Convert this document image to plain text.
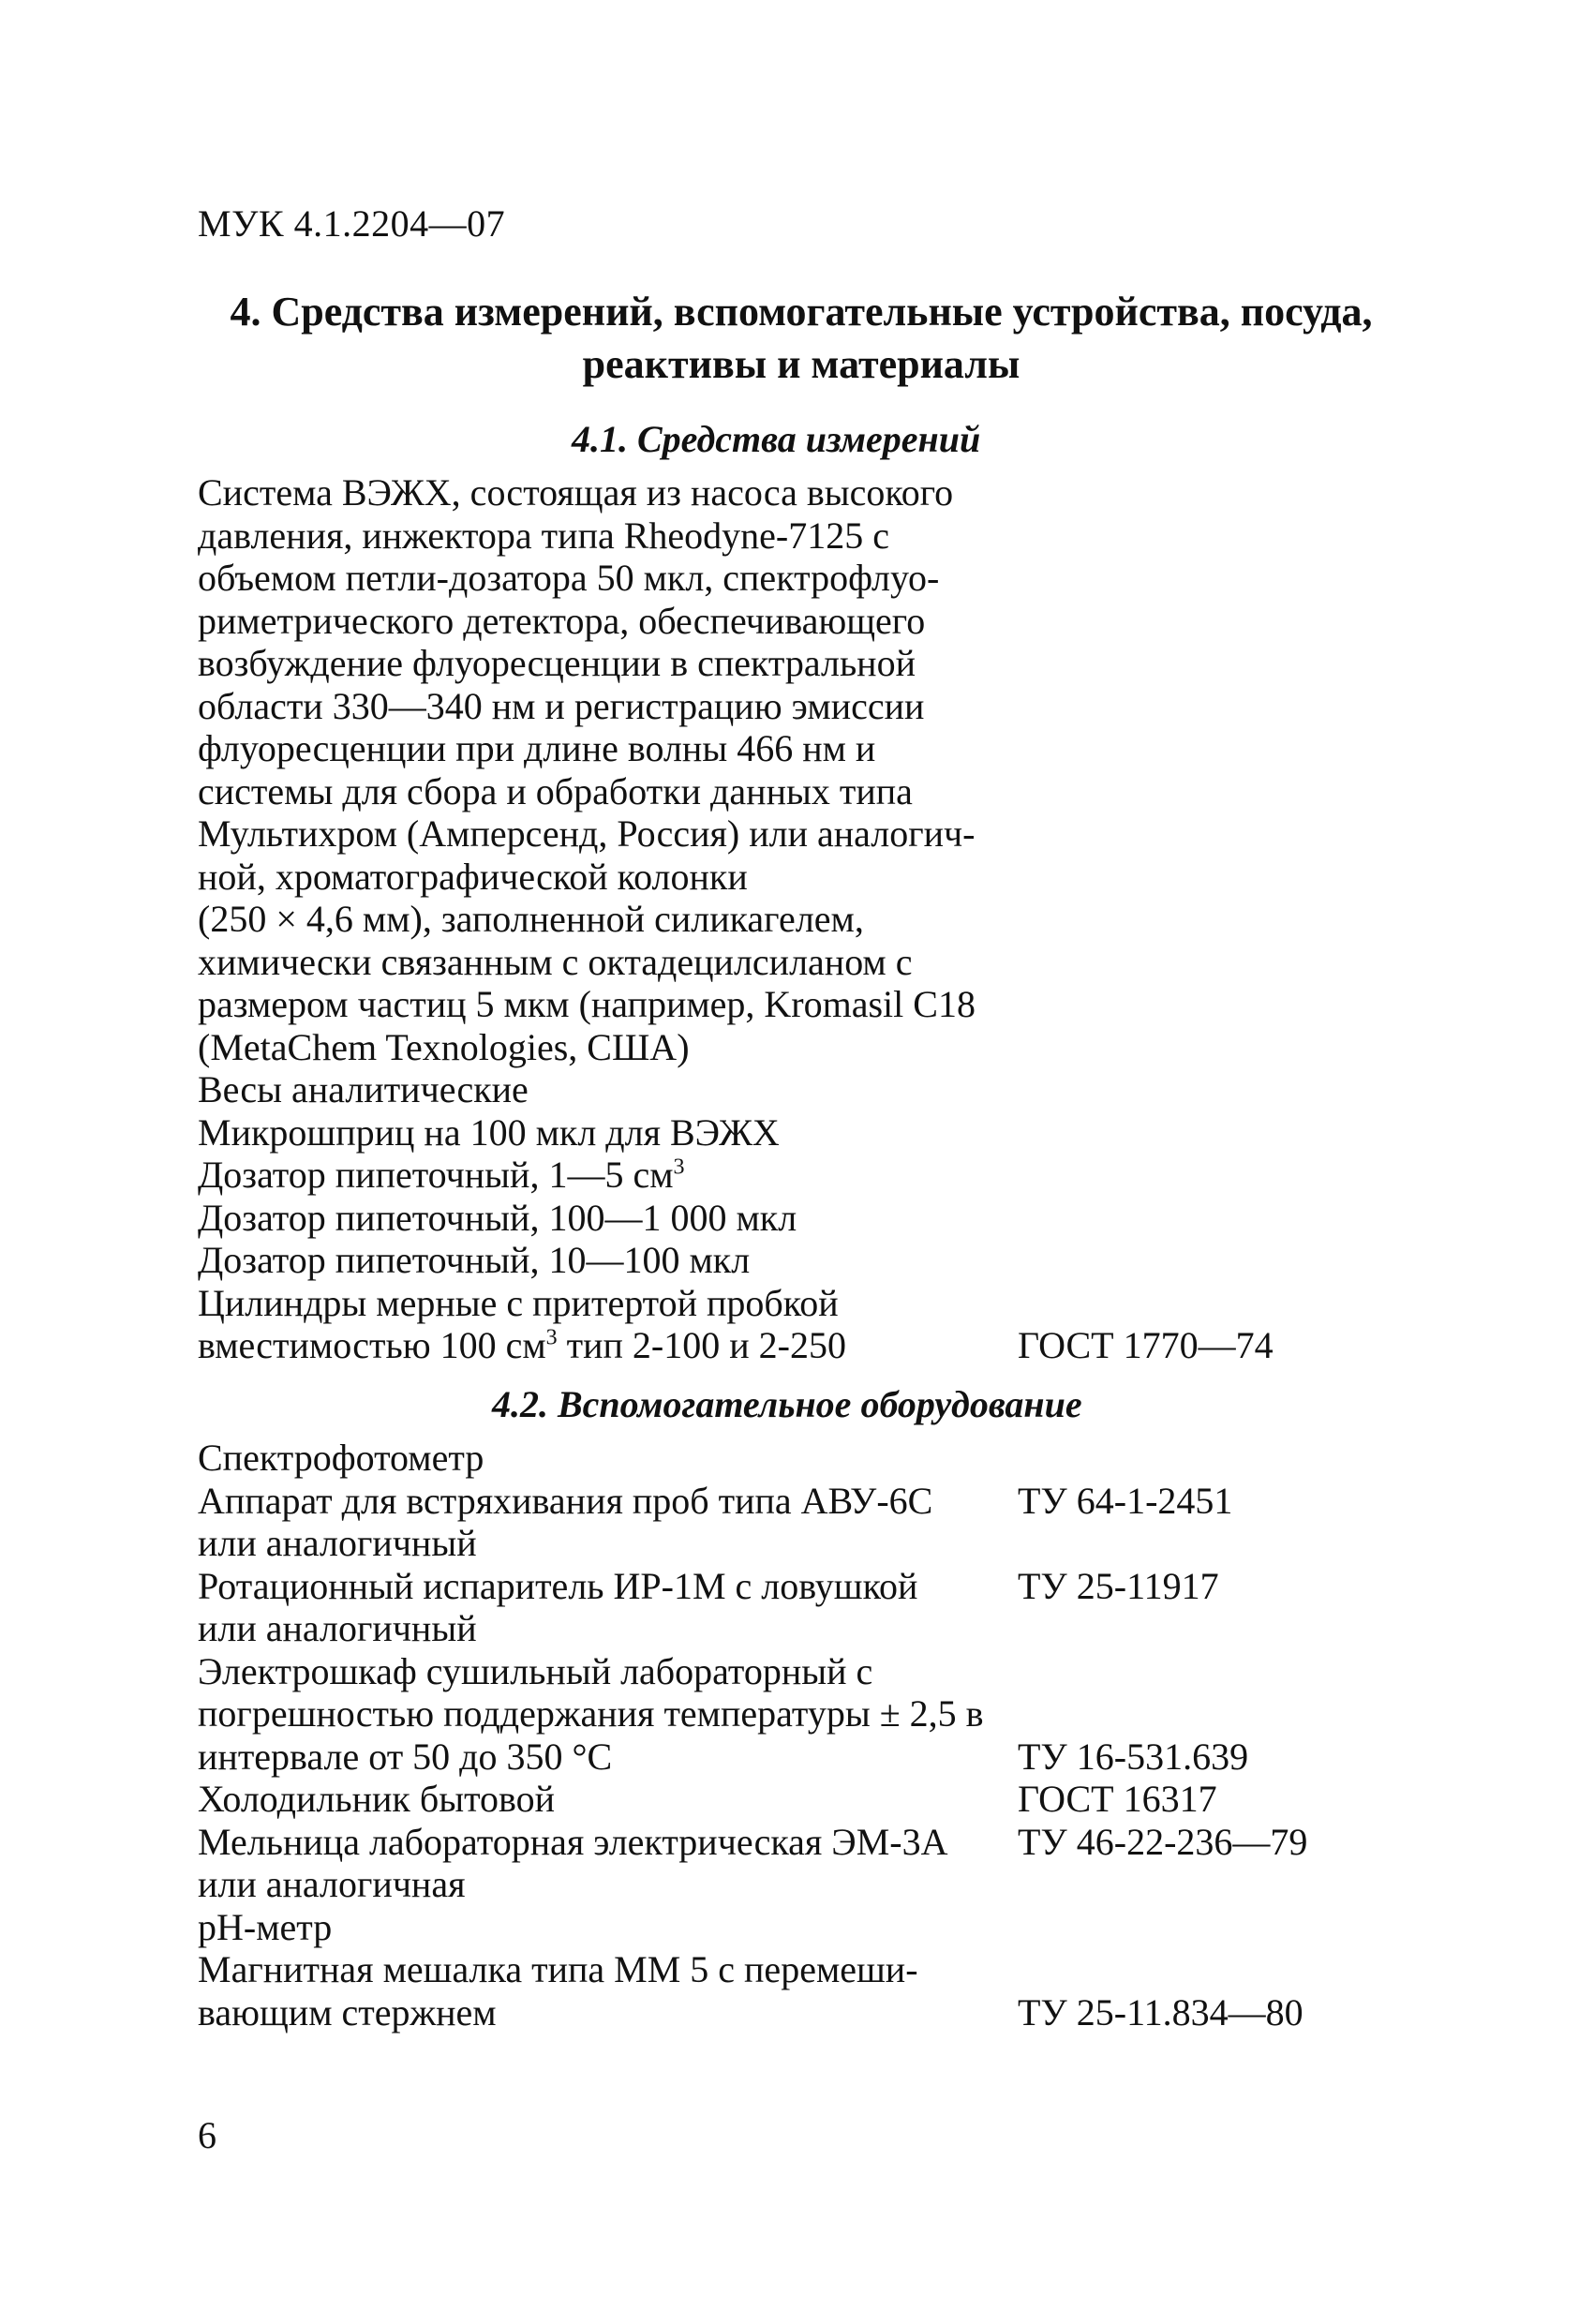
МУК 4.1.2204—07
4. Средства измерений, вспомогательные устройства, посуда,
реактивы и материалы
4.1. Средства измерений
Система ВЭЖХ, состоящая из насоса высокого
давления, инжектора типа Rheodyne-7125 с
объемом петли-дозатора 50 мкл, спектрофлуо-
риметрического детектора, обеспечивающего
возбуждение флуоресценции в спектральной
области 330—340 нм и регистрацию эмиссии
флуоресценции при длине волны 466 нм и
системы для сбора и обработки данных типа
Мультихром (Амперсенд, Россия) или аналогич-
ной, хроматографической колонки
(250 × 4,6 мм), заполненной силикагелем,
химически связанным с октадецилсиланом с
размером частиц 5 мкм (например, Kromasil C18
(MetaChem Texnologies, США)
Весы аналитические
Микрошприц на 100 мкл для ВЭЖХ
Дозатор пипеточный, 1—5 $см^3$
Дозатор пипеточный, 100—1 000 мкл
Дозатор пипеточный, 10—100 мкл
Цилиндры мерные с притертой пробкой
вместимостью 100 $см^3$ тип 2-100 и 2-250	ГОСТ 1770—74
4.2. Вспомогательное оборудование
Спектрофотометр
Аппарат для встряхивания проб типа АВУ-6С	ТУ 64-1-2451
или аналогичный
Ротационный испаритель ИР-1М с ловушкой	ТУ 25-11917
или аналогичный
Электрошкаф сушильный лабораторный с
погрешностью поддержания температуры ± 2,5 в
интервале от 50 до 350 °С	ТУ 16-531.639
Холодильник бытовой	ГОСТ 16317
Мельница лабораторная электрическая ЭМ-3А	ТУ 46-22-236—79
или аналогичная
рН-метр
Магнитная мешалка типа ММ 5 с перемеши-
вающим стержнем	ТУ 25-11.834—80
6
